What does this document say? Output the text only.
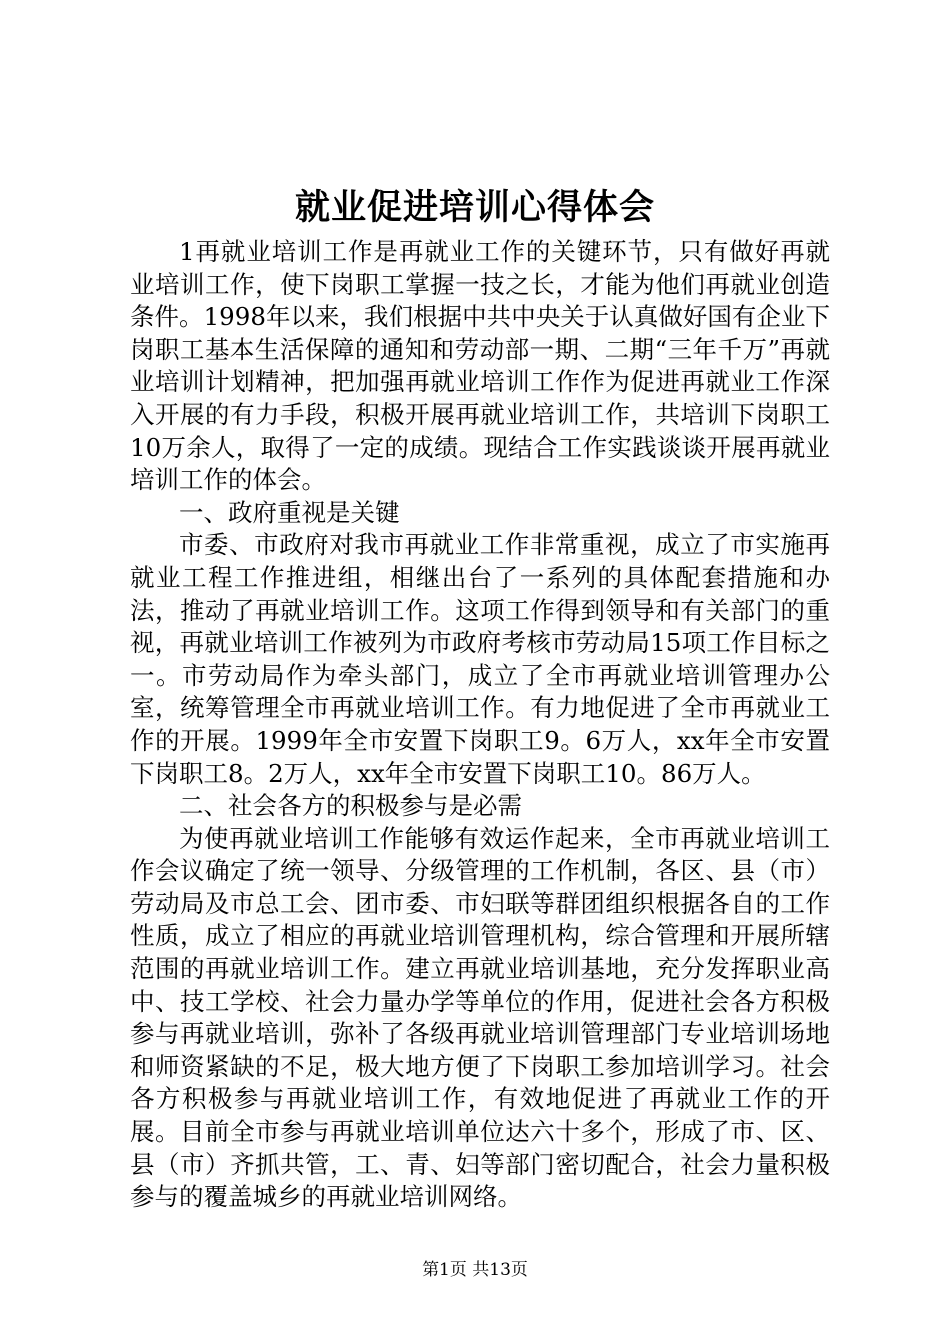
就业促进培训心得体会

1再就业培训工作是再就业工作的关键环节，只有做好再就业培训工作，使下岗职工掌握一技之长，才能为他们再就业创造条件。1998年以来，我们根据中共中央关于认真做好国有企业下岗职工基本生活保障的通知和劳动部一期、二期“三年千万”再就业培训计划精神，把加强再就业培训工作作为促进再就业工作深入开展的有力手段，积极开展再就业培训工作，共培训下岗职工10万余人，取得了一定的成绩。现结合工作实践谈谈开展再就业培训工作的体会。

一、政府重视是关键

市委、市政府对我市再就业工作非常重视，成立了市实施再就业工程工作推进组，相继出台了一系列的具体配套措施和办法，推动了再就业培训工作。这项工作得到领导和有关部门的重视，再就业培训工作被列为市政府考核市劳动局15项工作目标之一。市劳动局作为牵头部门，成立了全市再就业培训管理办公室，统筹管理全市再就业培训工作。有力地促进了全市再就业工作的开展。1999年全市安置下岗职工9。6万人，xx年全市安置下岗职工8。2万人，xx年全市安置下岗职工10。86万人。

二、社会各方的积极参与是必需

为使再就业培训工作能够有效运作起来，全市再就业培训工作会议确定了统一领导、分级管理的工作机制，各区、县（市）劳动局及市总工会、团市委、市妇联等群团组织根据各自的工作性质，成立了相应的再就业培训管理机构，综合管理和开展所辖范围的再就业培训工作。建立再就业培训基地，充分发挥职业高中、技工学校、社会力量办学等单位的作用，促进社会各方积极参与再就业培训，弥补了各级再就业培训管理部门专业培训场地和师资紧缺的不足，极大地方便了下岗职工参加培训学习。社会各方积极参与再就业培训工作，有效地促进了再就业工作的开展。目前全市参与再就业培训单位达六十多个，形成了市、区、县（市）齐抓共管，工、青、妇等部门密切配合，社会力量积极参与的覆盖城乡的再就业培训网络。

第1页 共13页
